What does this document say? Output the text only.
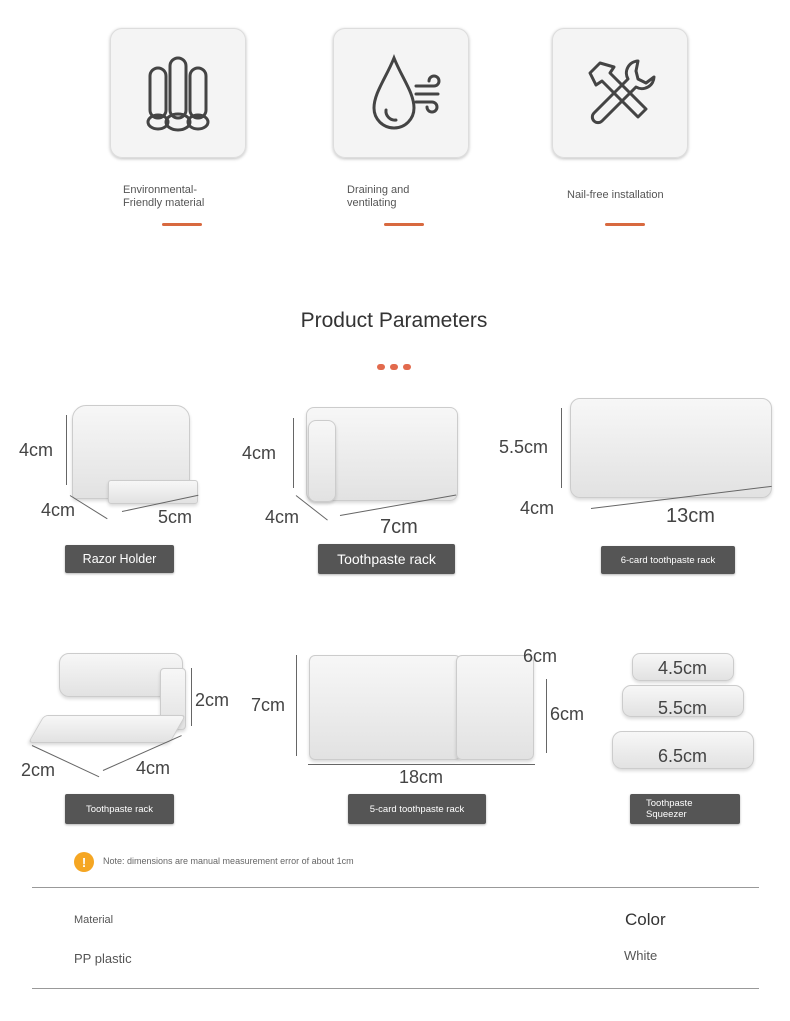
Environmental-
Friendly material
Draining and
ventilating
Nail-free installation
Product Parameters
4cm
4cm	5cm
Razor Holder
4cm
4cm	7cm
Toothpaste rack
5.5cm
4cm	13cm
6-card toothpaste rack
2cm
2cm	4cm
Toothpaste rack
7cm
6cm
6cm
18cm
5-card toothpaste rack
4.5cm
5.5cm
6.5cm
Toothpaste
Squeezer
!	Note: dimensions are manual measurement error of about 1cm
Material
PP plastic
Color
White
